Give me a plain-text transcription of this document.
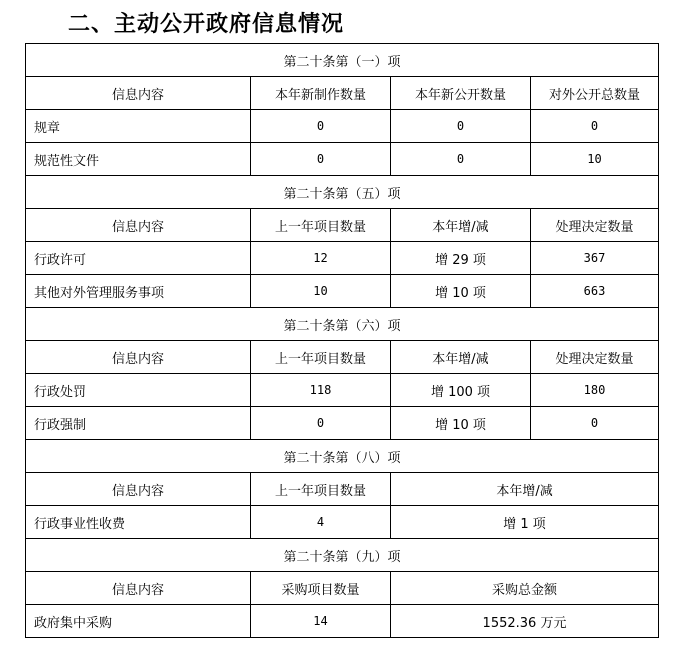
二、主动公开政府信息情况
第二十条第（一）项			
信息内容	本年新制作数量	本年新公开数量	对外公开总数量
规章	0	0	0
规范性文件	0	0	10
第二十条第（五）项			
信息内容	上一年项目数量	本年增/减	处理决定数量
行政许可	12	增 29 项	367
其他对外管理服务事项	10	增 10 项	663
第二十条第（六）项			
信息内容	上一年项目数量	本年增/减	处理决定数量
行政处罚	118	增 100 项	180
行政强制	0	增 10 项	0
第二十条第（八）项			
信息内容	上一年项目数量	本年增/减	
行政事业性收费	4	增 1 项	
第二十条第（九）项			
信息内容	采购项目数量	采购总金额	
政府集中采购	14	1552.36 万元	
